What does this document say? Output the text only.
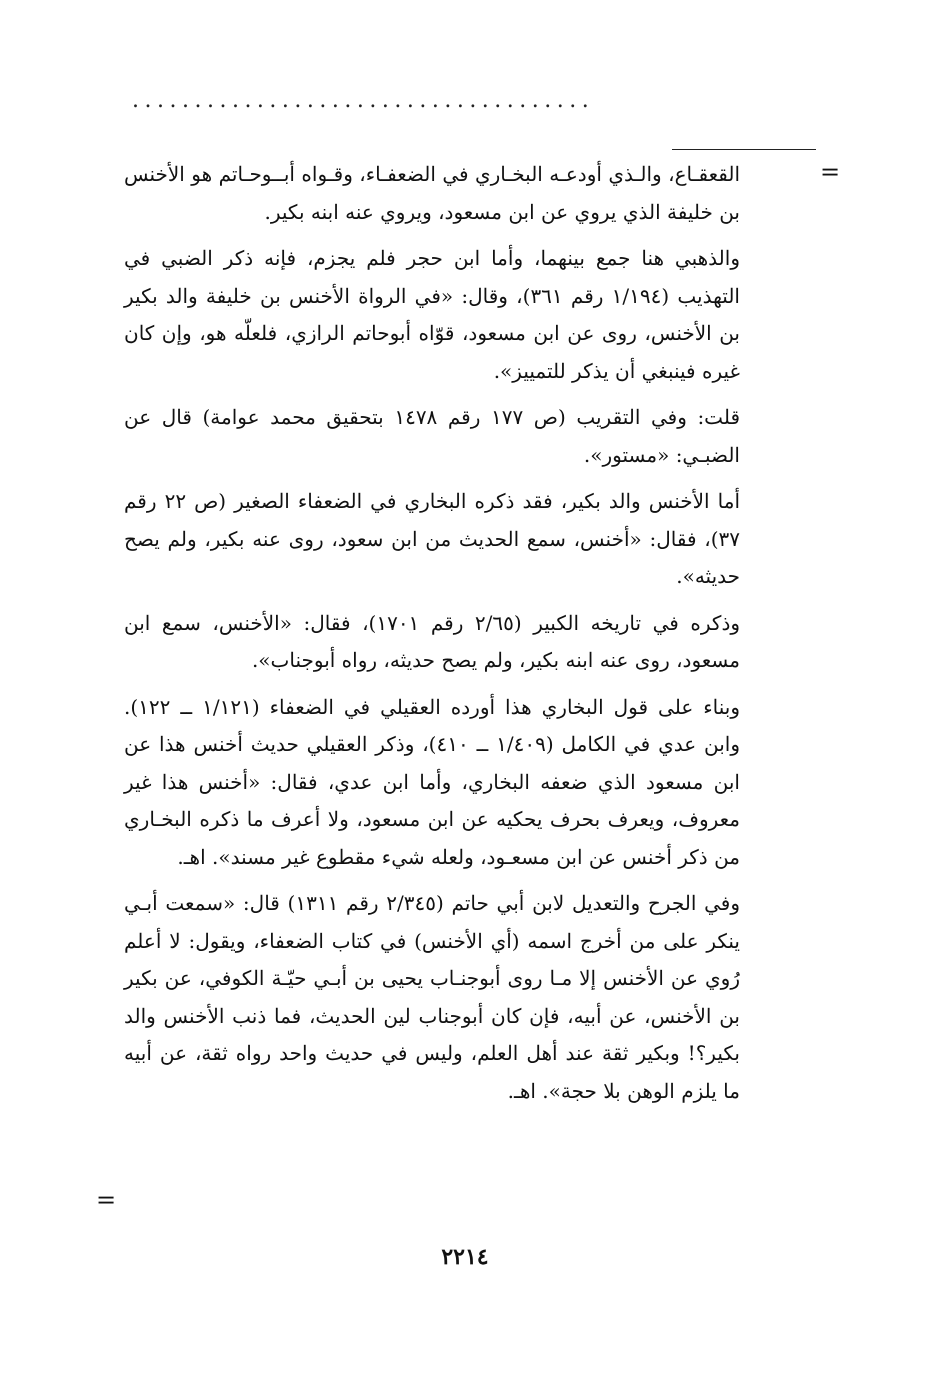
.....................................
=

القعقـاع، والـذي أودعـه البخـاري في الضعفـاء، وقـواه أبــوحـاتم هو الأخنس بن خليفة الذي يروي عن ابن مسعود، ويروي عنه ابنه بكير.

والذهبي هنا جمع بينهما، وأما ابن حجر فلم يجزم، فإنه ذكر الضبي في التهذيب (١/١٩٤ رقم ٣٦١)، وقال: «في الرواة الأخنس بن خليفة والد بكير بن الأخنس، روى عن ابن مسعود، قوّاه أبوحاتم الرازي، فلعلّه هو، وإن كان غيره فينبغي أن يذكر للتمييز».

قلت: وفي التقريب (ص ١٧٧ رقم ١٤٧٨ بتحقيق محمد عوامة) قال عن الضبـي: «مستور».

أما الأخنس والد بكير، فقد ذكره البخاري في الضعفاء الصغير (ص ٢٢ رقم ٣٧)، فقال: «أخنس، سمع الحديث من ابن سعود، روى عنه بكير، ولم يصح حديثه».

وذكره في تاريخه الكبير (٢/٦٥ رقم ١٧٠١)، فقال: «الأخنس، سمع ابن مسعود، روى عنه ابنه بكير، ولم يصح حديثه، رواه أبوجناب».

وبناء على قول البخاري هذا أورده العقيلي في الضعفاء (١/١٢١ ــ ١٢٢). وابن عدي في الكامل (١/٤٠٩ ــ ٤١٠)، وذكر العقيلي حديث أخنس هذا عن ابن مسعود الذي ضعفه البخاري، وأما ابن عدي، فقال: «أخنس هذا غير معروف، ويعرف بحرف يحكيه عن ابن مسعود، ولا أعرف ما ذكره البخـاري من ذكر أخنس عن ابن مسعـود، ولعله شيء مقطوع غير مسند». اهـ.

وفي الجرح والتعديل لابن أبي حاتم (٢/٣٤٥ رقم ١٣١١) قال: «سمعت أبـي ينكر على من أخرج اسمه (أي الأخنس) في كتاب الضعفاء، ويقول: لا أعلم رُوي عن الأخنس إلا مـا روى أبوجنـاب يحيى بن أبـي حيّـة الكوفي، عن بكير بن الأخنس، عن أبيه، فإن كان أبوجناب لين الحديث، فما ذنب الأخنس والد بكير؟! وبكير ثقة عند أهل العلم، وليس في حديث واحد رواه ثقة، عن أبيه ما يلزم الوهن بلا حجة». اهـ.

=
٢٢١٤
